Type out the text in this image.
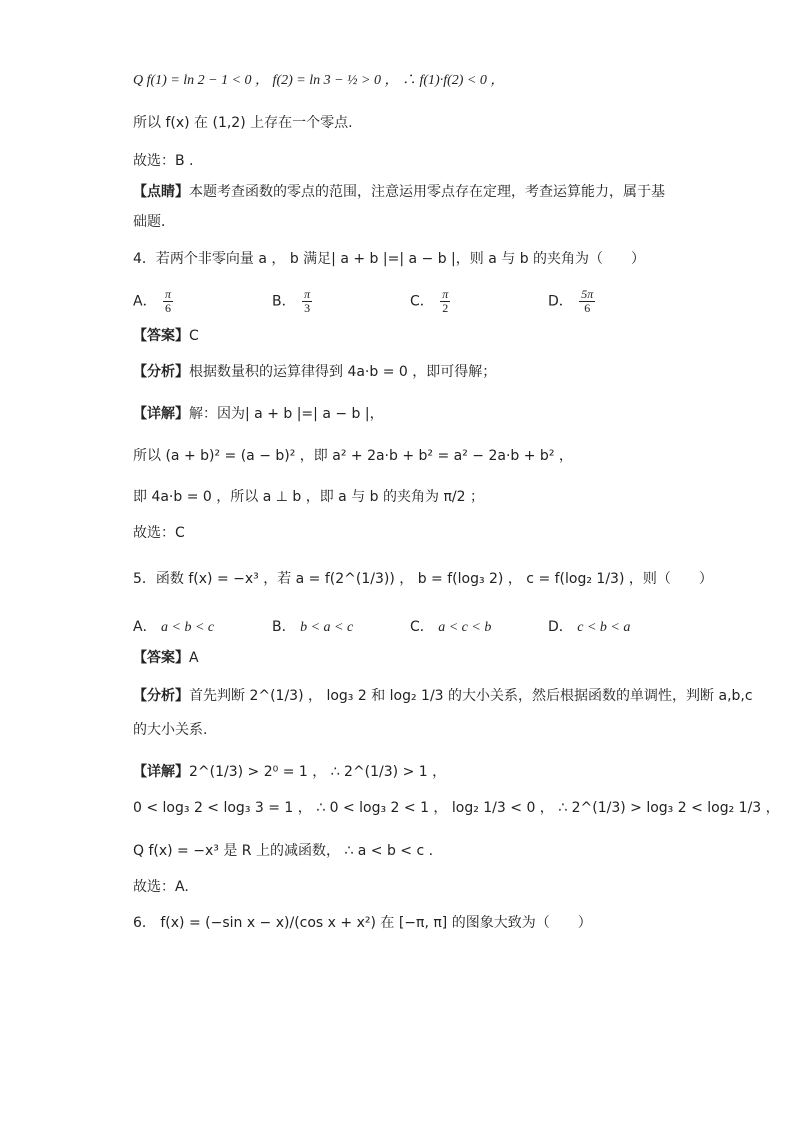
Q f(1) = ln 2 − 1 < 0 ， f(2) = ln 3 − ½ > 0 ， ∴ f(1)·f(2) < 0 ，
所以 f(x) 在 (1,2) 上存在一个零点.
故选：B .
【点睛】本题考查函数的零点的范围，注意运用零点存在定理，考查运算能力，属于基
础题．
4．若两个非零向量 a ， b 满足| a + b |=| a − b |，则 a 与 b 的夹角为（　　）
A． $\frac{\pi}{6}$	B． $\frac{\pi}{3}$	C． $\frac{\pi}{2}$	D． $\frac{5\pi}{6}$
【答案】C
【分析】根据数量积的运算律得到 4a·b = 0 ，即可得解；
【详解】解：因为| a + b |=| a − b |，
所以 (a + b)² = (a − b)² ，即 a² + 2a·b + b² = a² − 2a·b + b² ，
即 4a·b = 0 ，所以 a ⊥ b ，即 a 与 b 的夹角为 π/2 ；
故选：C
5．函数 f(x) = −x³ ，若 a = f(2^(1/3)) ， b = f(log₃ 2) ， c = f(log₂ 1/3) ，则（　　）
A． a < b < c	B． b < a < c	C． a < c < b	D． c < b < a
【答案】A
【分析】首先判断 2^(1/3) ， log₃ 2 和 log₂ 1/3 的大小关系，然后根据函数的单调性，判断 a,b,c
的大小关系.
【详解】2^(1/3) > 2⁰ = 1 ， ∴ 2^(1/3) > 1 ，
0 < log₃ 2 < log₃ 3 = 1 ， ∴ 0 < log₃ 2 < 1 ， log₂ 1/3 < 0 ， ∴ 2^(1/3) > log₃ 2 < log₂ 1/3 ，
Q f(x) = −x³ 是 R 上的减函数， ∴ a < b < c .
故选：A.
6． f(x) = (−sin x − x)/(cos x + x²) 在 [−π, π] 的图象大致为（　　）
